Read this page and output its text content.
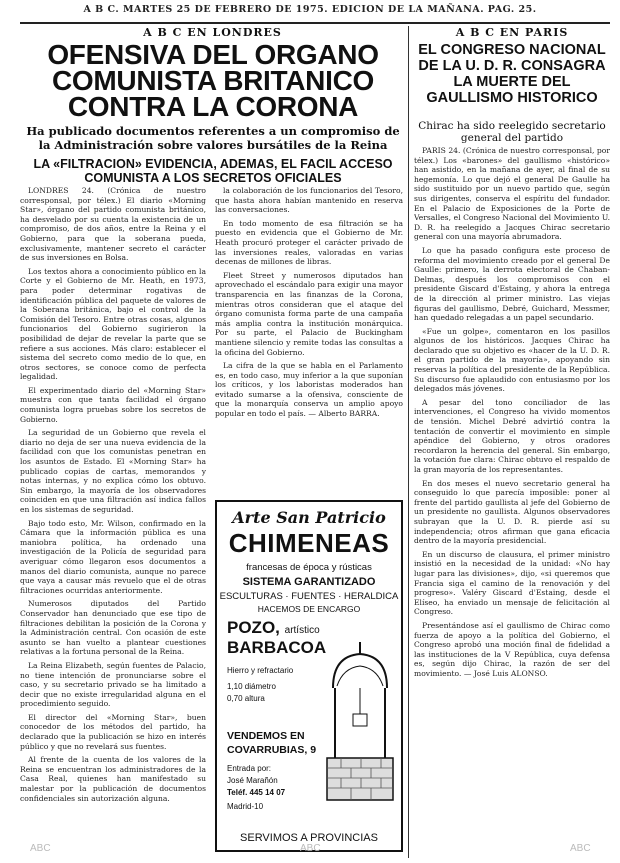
A B C. MARTES 25 DE FEBRERO DE 1975. EDICION DE LA MAÑANA. PAG. 25.
A B C EN LONDRES
OFENSIVA DEL ORGANO COMUNISTA BRITANICO CONTRA LA CORONA
Ha publicado documentos referentes a un compromiso de la Administración sobre valores bursátiles de la Reina
LA «FILTRACION» EVIDENCIA, ADEMAS, EL FACIL ACCESO COMUNISTA A LOS SECRETOS OFICIALES

LONDRES 24. (Crónica de nuestro corresponsal, por télex.) El diario «Morning Star», órgano del partido comunista británico, ha desvelado por su cuenta la existencia de un compromiso, de dos años, entre la Reina y el Gobierno, para que la soberana pueda, exclusivamente, mantener secreto el carácter de sus inversiones en Bolsa.

Los textos ahora a conocimiento público en la Corte y el Gobierno de Mr. Heath, en 1973, para poder determinar rogativas de identificación pública del paquete de valores de la Soberana británica, bajo el control de la Comisión del Tesoro. Entre otras cosas, algunos funcionarios del Gobierno sugirieron la posibilidad de dejar de revelar la parte que se refiere a sus acciones. Más claro: establecer el sistema del secreto como medio de lo que, en otros sectores, se conoce como de perfecta legalidad.

El experimentado diario del «Morning Star» muestra con que tanta facilidad el órgano comunista logra pruebas sobre los secretos de Gobierno.

La seguridad de un Gobierno que revela el diario no deja de ser una nueva evidencia de la facilidad con que los comunistas penetran en los asuntos de Estado. El «Morning Star» ha publicado copias de cartas, memorandos y notas internas, y no explica cómo los obtuvo. Sin embargo, la mayoría de los observadores coinciden en que una filtración así indica fallos en los sistemas de seguridad.

Bajo todo esto, Mr. Wilson, confirmado en la Cámara que la información pública es una maniobra política, ha ordenado una investigación de la Policía de seguridad para averiguar cómo llegaron esos documentos a manos del diario comunista, aunque no parece que vaya a causar más revuelo que el de otras filtraciones ocurridas anteriormente.

Numerosos diputados del Partido Conservador han denunciado que ese tipo de filtraciones debilitan la posición de la Corona y la Administración central. Con ocasión de este asunto se han vuelto a plantear cuestiones relativas a la fortuna personal de la Reina.

La Reina Elizabeth, según fuentes de Palacio, no tiene intención de pronunciarse sobre el caso, y su secretario privado se ha limitado a decir que no existe irregularidad alguna en el procedimiento seguido.

El director del «Morning Star», buen conocedor de los métodos del partido, ha declarado que la publicación se hizo en interés público y que no revelará sus fuentes.

Al frente de la cuenta de los valores de la Reina se encuentran los administradores de la Casa Real, quienes han manifestado su malestar por la publicación de documentos confidenciales sin autorización alguna.

la colaboración de los funcionarios del Tesoro, que hasta ahora habían mantenido en reserva las conversaciones.

En todo momento de esa filtración se ha puesto en evidencia que el Gobierno de Mr. Heath procuró proteger el carácter privado de las inversiones reales, valoradas en varias decenas de millones de libras.

Fleet Street y numerosos diputados han aprovechado el escándalo para exigir una mayor transparencia en las finanzas de la Corona, mientras otros consideran que el ataque del órgano comunista forma parte de una campaña más amplia contra la institución monárquica. Por su parte, el Palacio de Buckingham mantiene silencio y remite todas las consultas a la oficina del Gobierno.

La cifra de la que se habla en el Parlamento es, en todo caso, muy inferior a la que suponían los críticos, y los laboristas moderados han evitado sumarse a la ofensiva, consciente de que la monarquía conserva un amplio apoyo popular en todo el país. — Alberto BARRA.

Arte San Patricio
CHIMENEAS
francesas de época y rústicas
SISTEMA GARANTIZADO
ESCULTURAS · FUENTES · HERALDICA
HACEMOS DE ENCARGO
POZO, artístico
BARBACOA
Hierro y refractario
1,10 diámetro
0,70 altura
VENDEMOS EN
COVARRUBIAS, 9
Entrada por:
José Marañón
Teléf. 445 14 07
Madrid-10
SERVIMOS A PROVINCIAS
A B C EN PARIS
EL CONGRESO NACIONAL DE LA U. D. R. CONSAGRA LA MUERTE DEL GAULLISMO HISTORICO
Chirac ha sido reelegido secretario general del partido

PARIS 24. (Crónica de nuestro corresponsal, por télex.) Los «barones» del gaullismo «histórico» han asistido, en la mañana de ayer, al final de su hegemonía. Lo que dejó el general De Gaulle ha sido sustituido por un nuevo partido que, según sus dirigentes, conserva el espíritu del fundador. En el Palacio de Exposiciones de la Porte de Versalles, el Congreso Nacional del Movimiento U. D. R. ha reelegido a Jacques Chirac secretario general con una mayoría abrumadora.

Lo que ha pasado configura este proceso de reforma del movimiento creado por el general De Gaulle: primero, la derrota electoral de Chaban-Delmas, después los compromisos con el presidente Giscard d'Estaing, y ahora la entrega de la dirección al primer ministro. Las viejas figuras del gaullismo, Debré, Guichard, Messmer, han quedado relegadas a un papel secundario.

«Fue un golpe», comentaron en los pasillos algunos de los históricos. Jacques Chirac ha declarado que su objetivo es «hacer de la U. D. R. el gran partido de la mayoría», apoyando sin reservas la política del presidente de la República. Su discurso fue aplaudido con entusiasmo por los delegados más jóvenes.

A pesar del tono conciliador de las intervenciones, el Congreso ha vivido momentos de tensión. Michel Debré advirtió contra la tentación de convertir el movimiento en simple apéndice del Gobierno, y otros oradores recordaron la herencia del general. Sin embargo, la votación fue clara: Chirac obtuvo el respaldo de la gran mayoría de los representantes.

En dos meses el nuevo secretario general ha conseguido lo que parecía imposible: poner al frente del partido gaullista al jefe del Gobierno de un presidente no gaullista. Algunos observadores subrayan que la U. D. R. pierde así su independencia; otros afirman que gana eficacia dentro de la mayoría presidencial.

En un discurso de clausura, el primer ministro insistió en la necesidad de la unidad: «No hay lugar para las divisiones», dijo, «si queremos que Francia siga el camino de la renovación y del progreso». Valéry Giscard d'Estaing, desde el Elíseo, ha enviado un mensaje de felicitación al Congreso.

Presentándose así el gaullismo de Chirac como fuerza de apoyo a la política del Gobierno, el Congreso aprobó una moción final de fidelidad a las instituciones de la V República, cuya defensa es, según dijo Chirac, la razón de ser del movimiento. — José Luis ALONSO.

ABC	ABC	ABC
